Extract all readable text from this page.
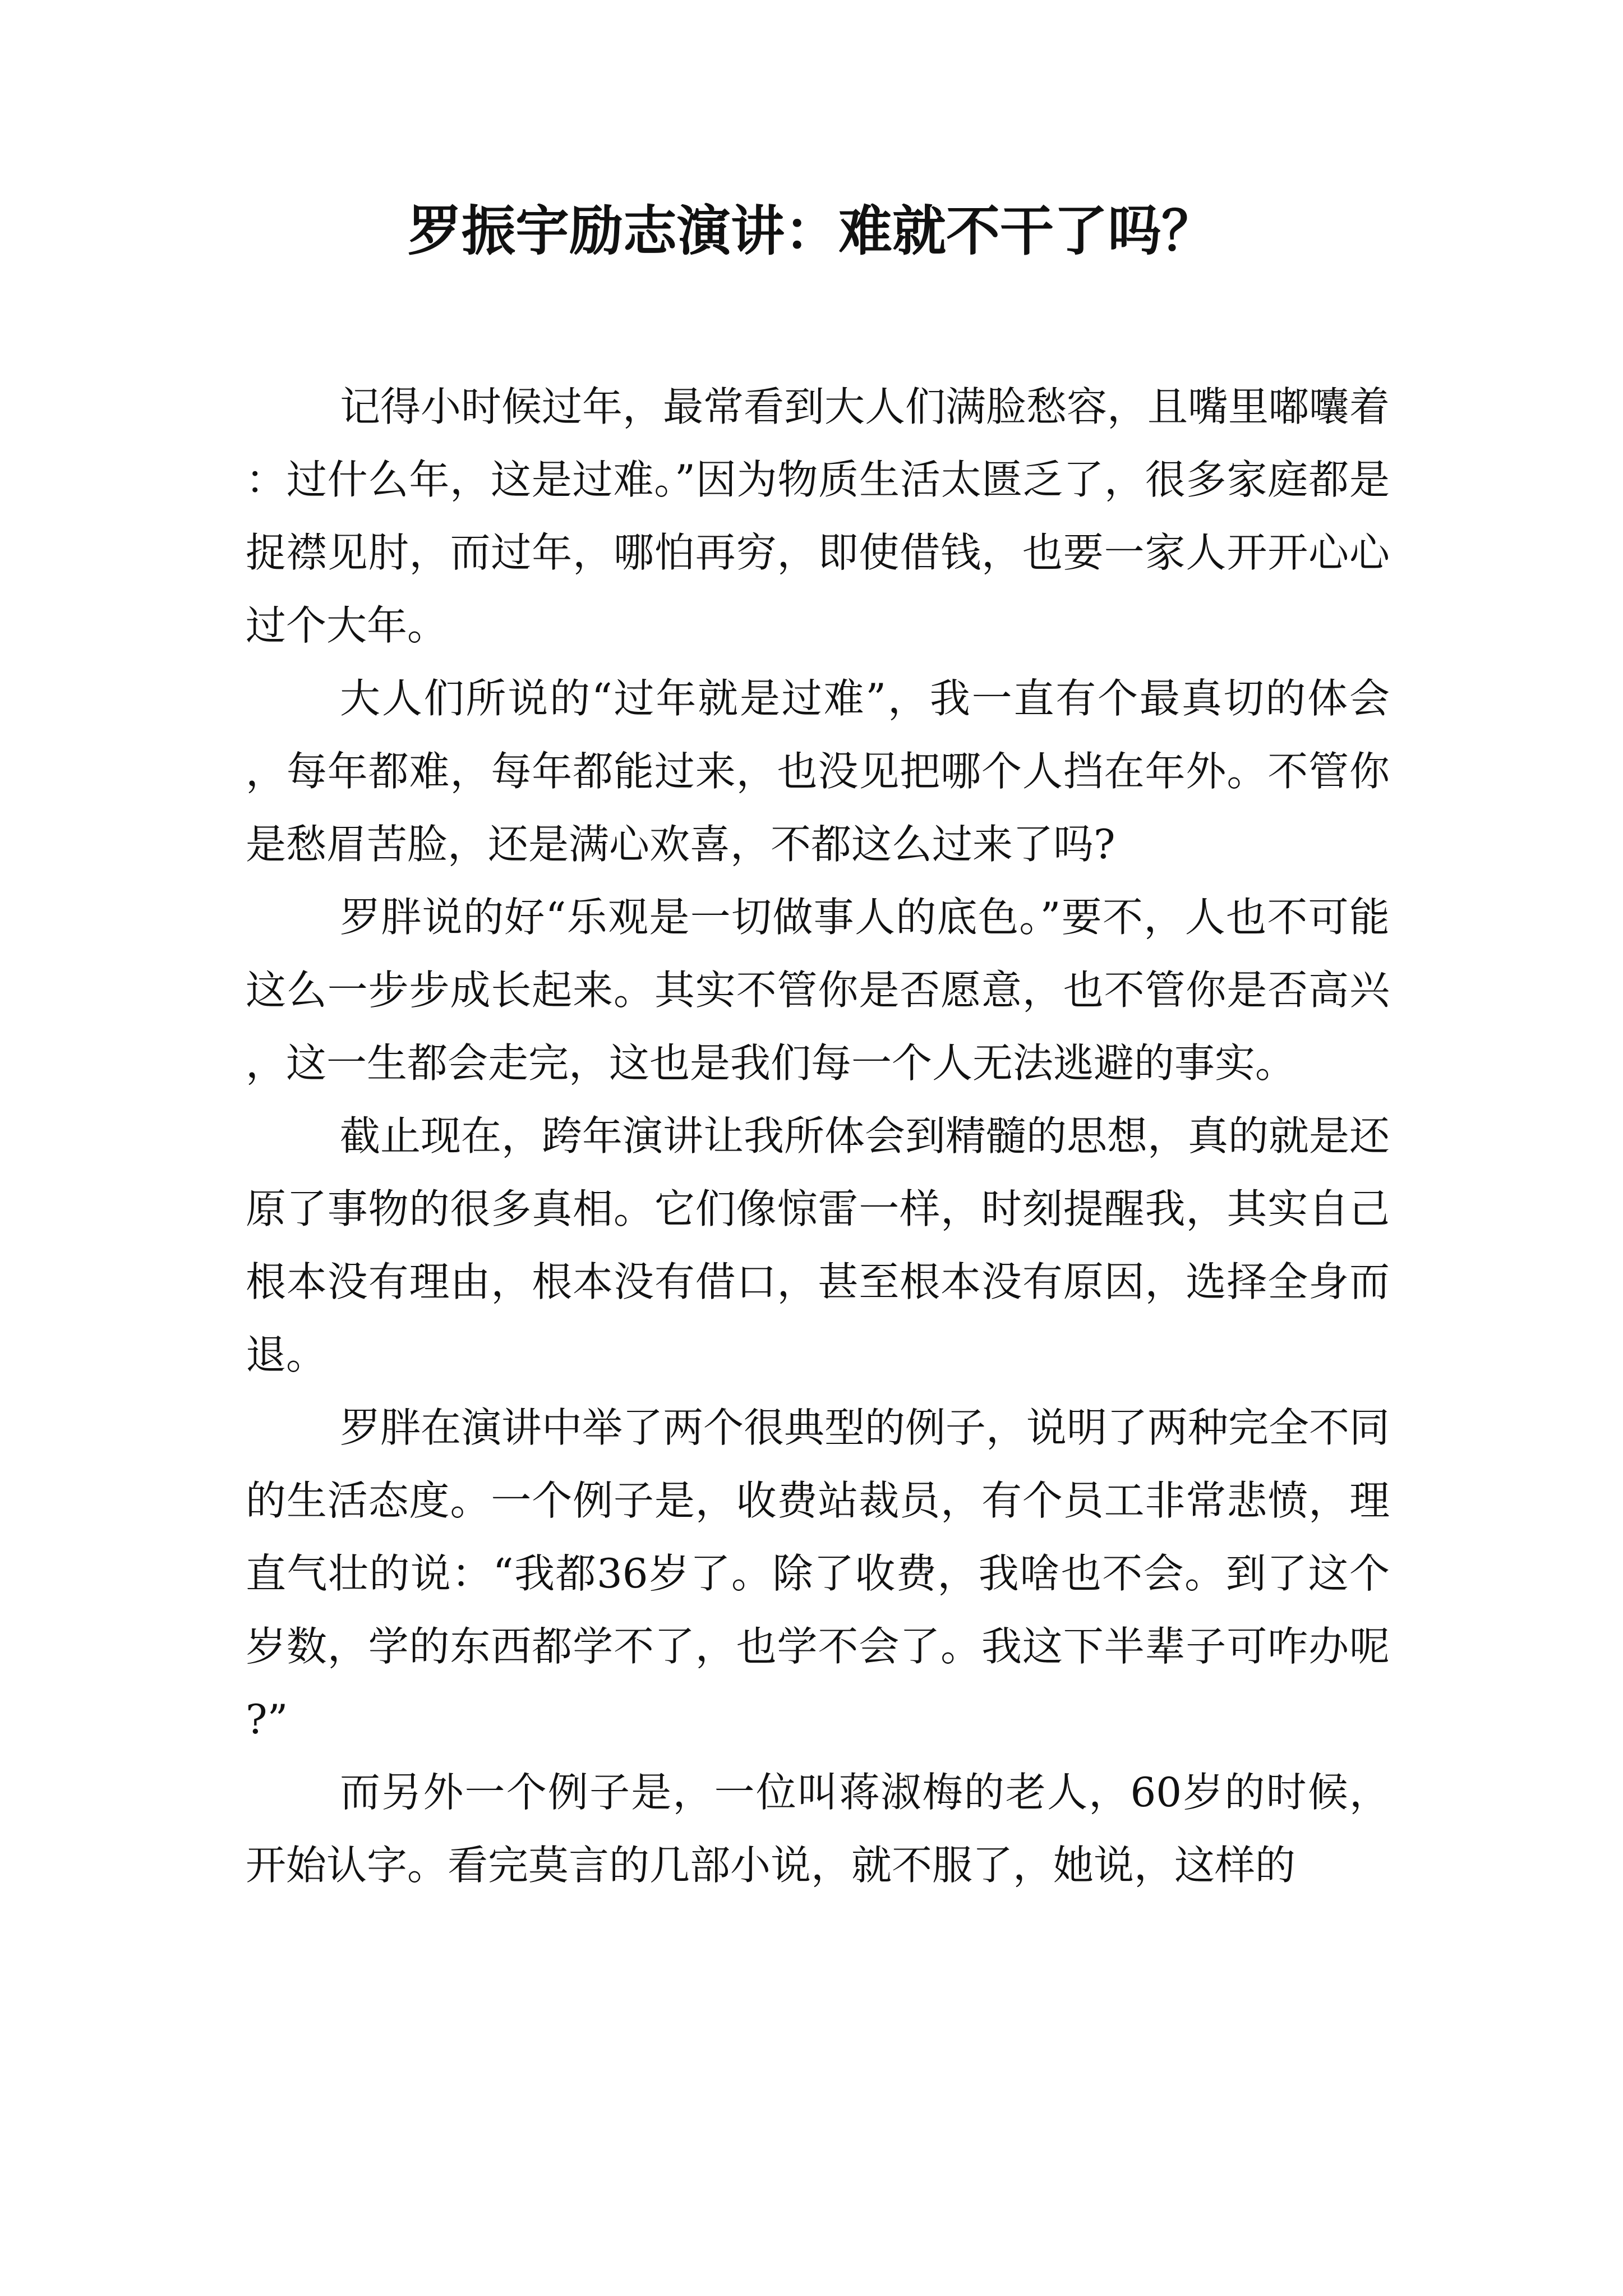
罗振宇励志演讲：难就不干了吗？

记得小时候过年，最常看到大人们满脸愁容，且嘴里嘟囔着：过什么年，这是过难。”因为物质生活太匮乏了，很多家庭都是捉襟见肘，而过年，哪怕再穷，即使借钱，也要一家人开开心心过个大年。

大人们所说的“过年就是过难”，我一直有个最真切的体会，每年都难，每年都能过来，也没见把哪个人挡在年外。不管你是愁眉苦脸，还是满心欢喜，不都这么过来了吗?

罗胖说的好“乐观是一切做事人的底色。”要不，人也不可能这么一步步成长起来。其实不管你是否愿意，也不管你是否高兴，这一生都会走完，这也是我们每一个人无法逃避的事实。

截止现在，跨年演讲让我所体会到精髓的思想，真的就是还原了事物的很多真相。它们像惊雷一样，时刻提醒我，其实自己根本没有理由，根本没有借口，甚至根本没有原因，选择全身而退。

罗胖在演讲中举了两个很典型的例子，说明了两种完全不同的生活态度。一个例子是，收费站裁员，有个员工非常悲愤，理直气壮的说：“我都36岁了。除了收费，我啥也不会。到了这个岁数，学的东西都学不了，也学不会了。我这下半辈子可咋办呢?”

而另外一个例子是，一位叫蒋淑梅的老人，60岁的时候，开始认字。看完莫言的几部小说，就不服了，她说，这样的
